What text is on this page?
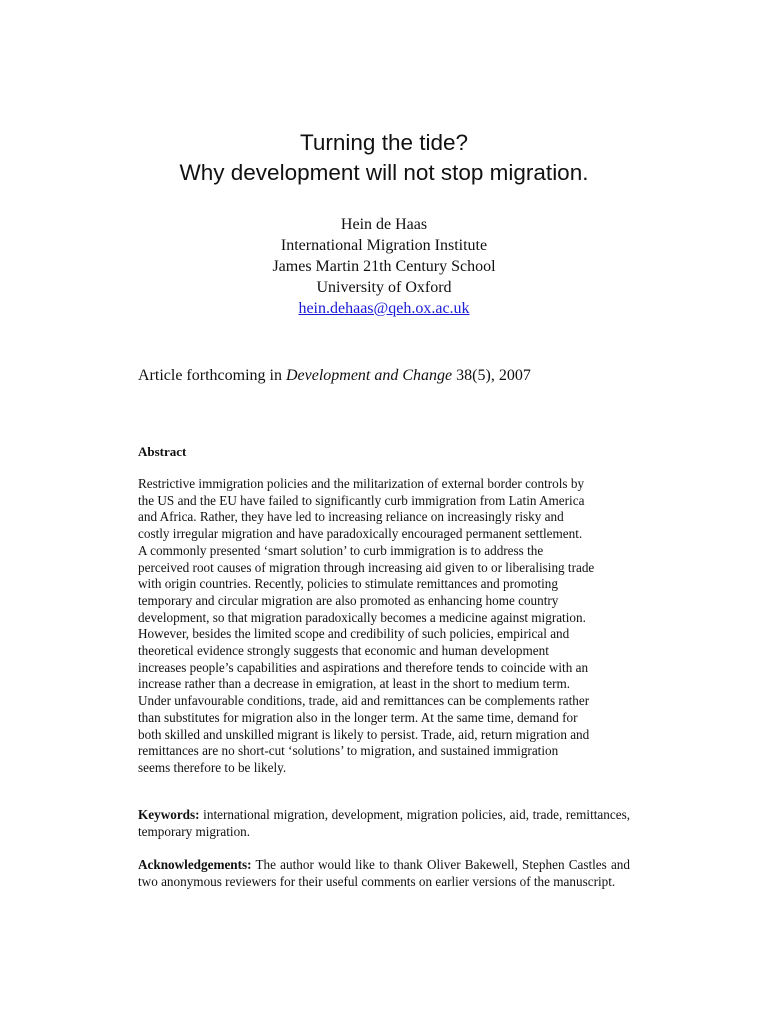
Turning the tide?
Why development will not stop migration.
Hein de Haas
International Migration Institute
James Martin 21th Century School
University of Oxford
hein.dehaas@qeh.ox.ac.uk
Article forthcoming in Development and Change 38(5), 2007
Abstract
Restrictive immigration policies and the militarization of external border controls by
the US and the EU have failed to significantly curb immigration from Latin America
and Africa. Rather, they have led to increasing reliance on increasingly risky and
costly irregular migration and have paradoxically encouraged permanent settlement.
A commonly presented ‘smart solution’ to curb immigration is to address the
perceived root causes of migration through increasing aid given to or liberalising trade
with origin countries. Recently, policies to stimulate remittances and promoting
temporary and circular migration are also promoted as enhancing home country
development, so that migration paradoxically becomes a medicine against migration.
However, besides the limited scope and credibility of such policies, empirical and
theoretical evidence strongly suggests that economic and human development
increases people’s capabilities and aspirations and therefore tends to coincide with an
increase rather than a decrease in emigration, at least in the short to medium term.
Under unfavourable conditions, trade, aid and remittances can be complements rather
than substitutes for migration also in the longer term. At the same time, demand for
both skilled and unskilled migrant is likely to persist. Trade, aid, return migration and
remittances are no short-cut ‘solutions’ to migration, and sustained immigration
seems therefore to be likely.
Keywords: international migration, development, migration policies, aid, trade, remittances, temporary migration.
Acknowledgements: The author would like to thank Oliver Bakewell, Stephen Castles and two anonymous reviewers for their useful comments on earlier versions of the manuscript.
